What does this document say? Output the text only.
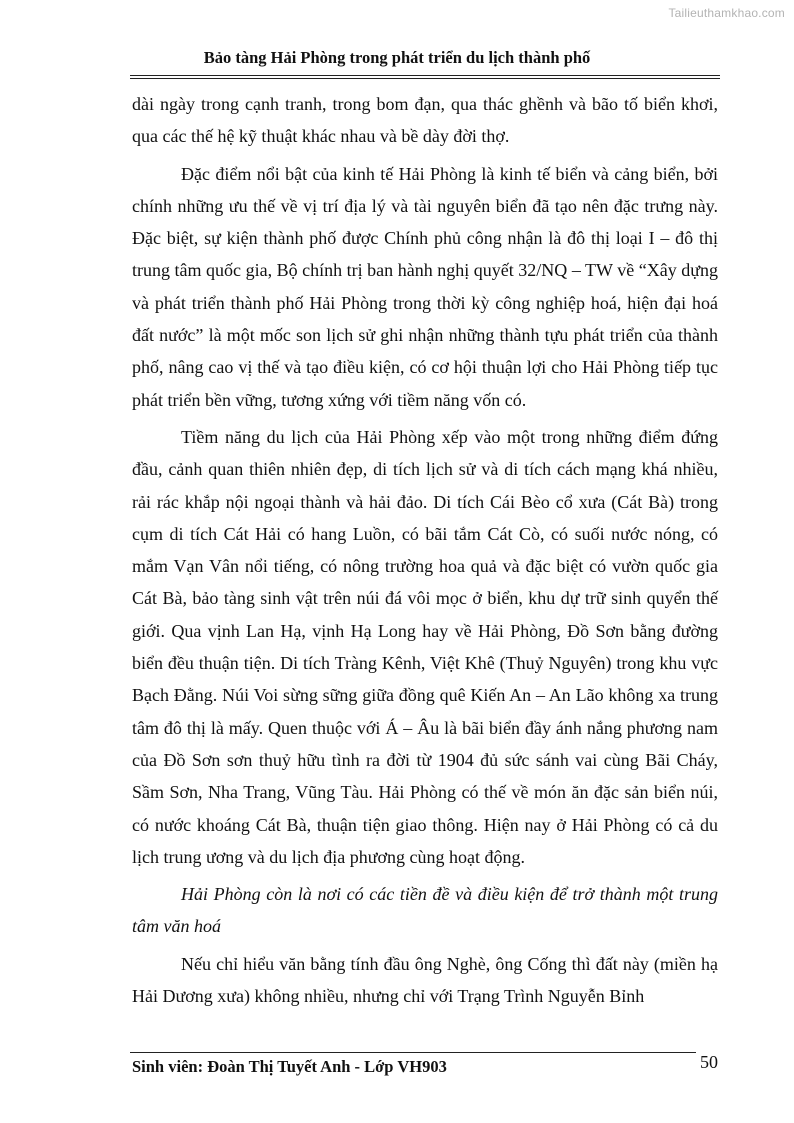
Tailieuthamkhao.com
Bảo tàng Hải Phòng trong phát triển du lịch thành phố

dài ngày trong cạnh tranh, trong bom đạn, qua thác ghềnh và bão tố biển khơi, qua các thế hệ kỹ thuật khác nhau và bề dày đời thợ.

Đặc điểm nổi bật của kinh tế Hải Phòng là kinh tế biển và cảng biển, bởi chính những ưu thế về vị trí địa lý và tài nguyên biển đã tạo nên đặc trưng này. Đặc biệt, sự kiện thành phố được Chính phủ công nhận là đô thị loại I – đô thị trung tâm quốc gia, Bộ chính trị ban hành nghị quyết 32/NQ – TW về “Xây dựng và phát triển thành phố Hải Phòng trong thời kỳ công nghiệp hoá, hiện đại hoá đất nước” là một mốc son lịch sử ghi nhận những thành tựu phát triển của thành phố, nâng cao vị thế và tạo điều kiện, có cơ hội thuận lợi cho Hải Phòng tiếp tục phát triển bền vững, tương xứng với tiềm năng vốn có.

Tiềm năng du lịch của Hải Phòng xếp vào một trong những điểm đứng đầu, cảnh quan thiên nhiên đẹp, di tích lịch sử và di tích cách mạng khá nhiều, rải rác khắp nội ngoại thành và hải đảo. Di tích Cái Bèo cổ xưa (Cát Bà) trong cụm di tích Cát Hải có hang Luồn, có bãi tắm Cát Cò, có suối nước nóng, có mắm Vạn Vân nổi tiếng, có nông trường hoa quả và đặc biệt có vườn quốc gia Cát Bà, bảo tàng sinh vật trên núi đá vôi mọc ở biển, khu dự trữ sinh quyển thế giới. Qua vịnh Lan Hạ, vịnh Hạ Long hay về Hải Phòng, Đồ Sơn bằng đường biển đều thuận tiện. Di tích Tràng Kênh, Việt Khê (Thuỷ Nguyên) trong khu vực Bạch Đằng. Núi Voi sừng sững giữa đồng quê Kiến An – An Lão không xa trung tâm đô thị là mấy. Quen thuộc với Á – Âu là bãi biển đầy ánh nắng phương nam của Đồ Sơn sơn thuỷ hữu tình ra đời từ 1904 đủ sức sánh vai cùng Bãi Cháy, Sầm Sơn, Nha Trang, Vũng Tàu. Hải Phòng có thế về món ăn đặc sản biển núi, có nước khoáng Cát Bà, thuận tiện giao thông. Hiện nay ở Hải Phòng có cả du lịch trung ương và du lịch địa phương cùng hoạt động.

Hải Phòng còn là nơi có các tiền đề và điều kiện để trở thành một trung tâm văn hoá

Nếu chỉ hiểu văn bằng tính đầu ông Nghè, ông Cống thì đất này (miền hạ Hải Dương xưa) không nhiều, nhưng chỉ với Trạng Trình Nguyễn Bỉnh

Sinh viên: Đoàn Thị Tuyết Anh - Lớp VH903	50
